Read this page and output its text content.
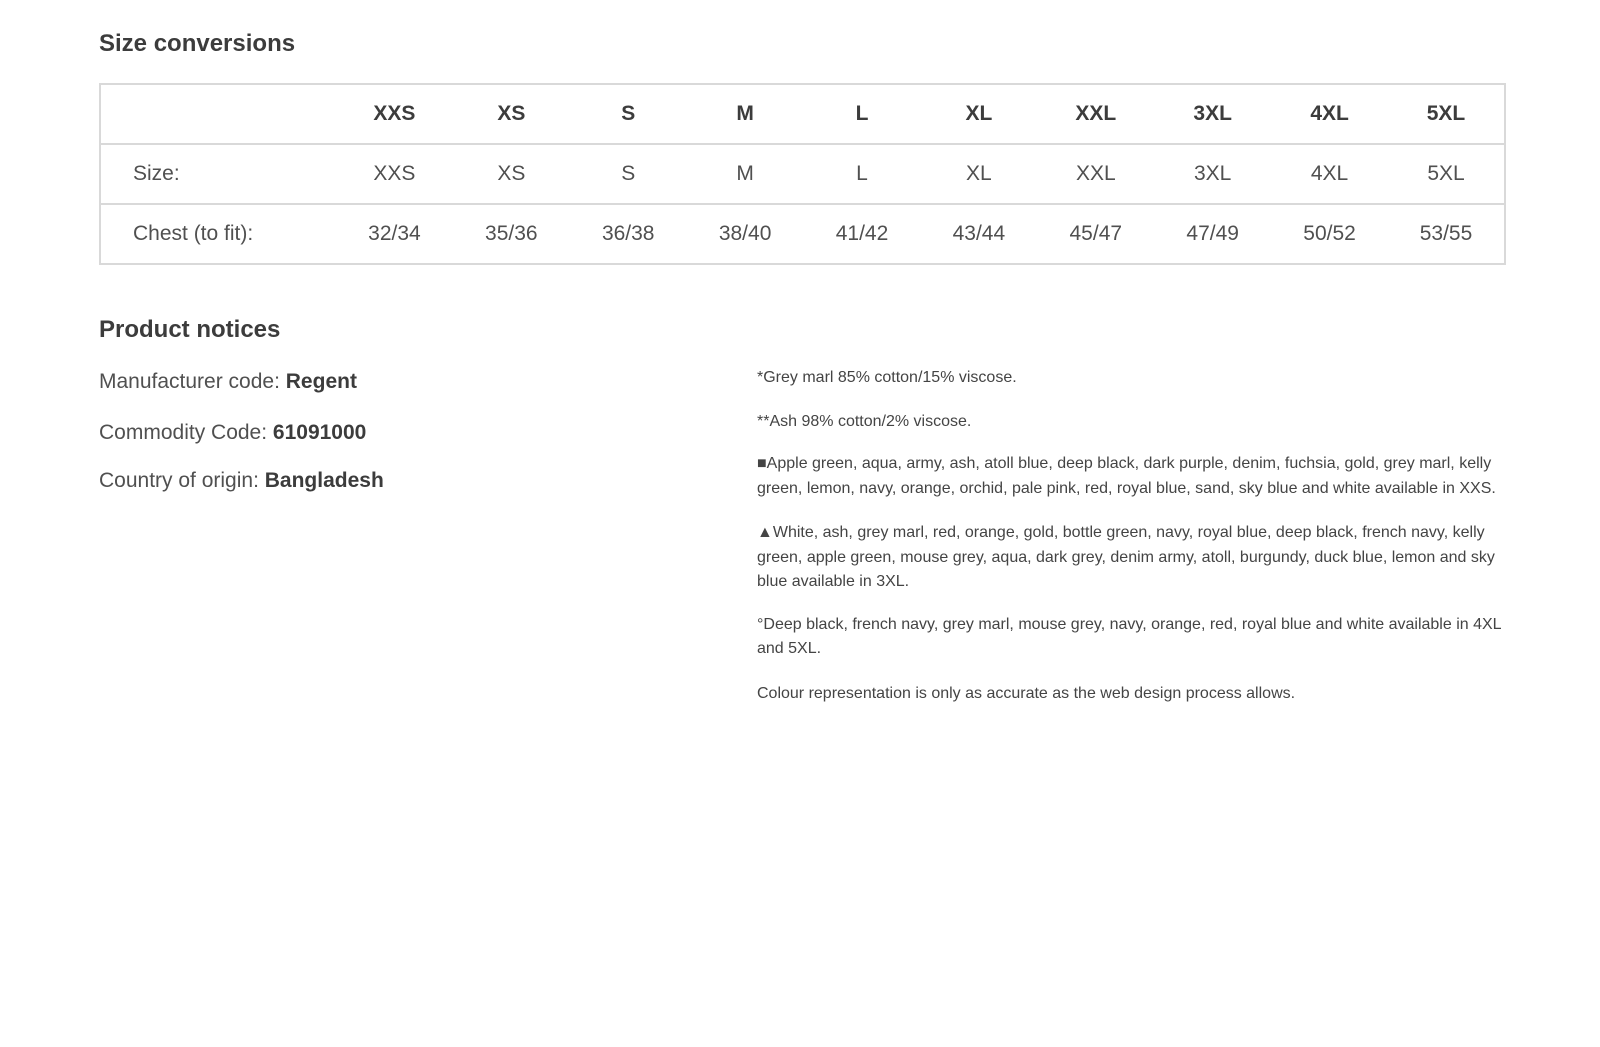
Size conversions
	XXS	XS	S	M	L	XL	XXL	3XL	4XL	5XL
Size:	XXS	XS	S	M	L	XL	XXL	3XL	4XL	5XL
Chest (to fit):	32/34	35/36	36/38	38/40	41/42	43/44	45/47	47/49	50/52	53/55
Product notices
Manufacturer code: Regent
Commodity Code: 61091000
Country of origin: Bangladesh

*Grey marl 85% cotton/15% viscose.

**Ash 98% cotton/2% viscose.

■Apple green, aqua, army, ash, atoll blue, deep black, dark purple, denim, fuchsia, gold, grey marl, kelly green, lemon, navy, orange, orchid, pale pink, red, royal blue, sand, sky blue and white available in XXS.

▲White, ash, grey marl, red, orange, gold, bottle green, navy, royal blue, deep black, french navy, kelly green, apple green, mouse grey, aqua, dark grey, denim army, atoll, burgundy, duck blue, lemon and sky blue available in 3XL.

°Deep black, french navy, grey marl, mouse grey, navy, orange, red, royal blue and white available in 4XL and 5XL.

Colour representation is only as accurate as the web design process allows.
